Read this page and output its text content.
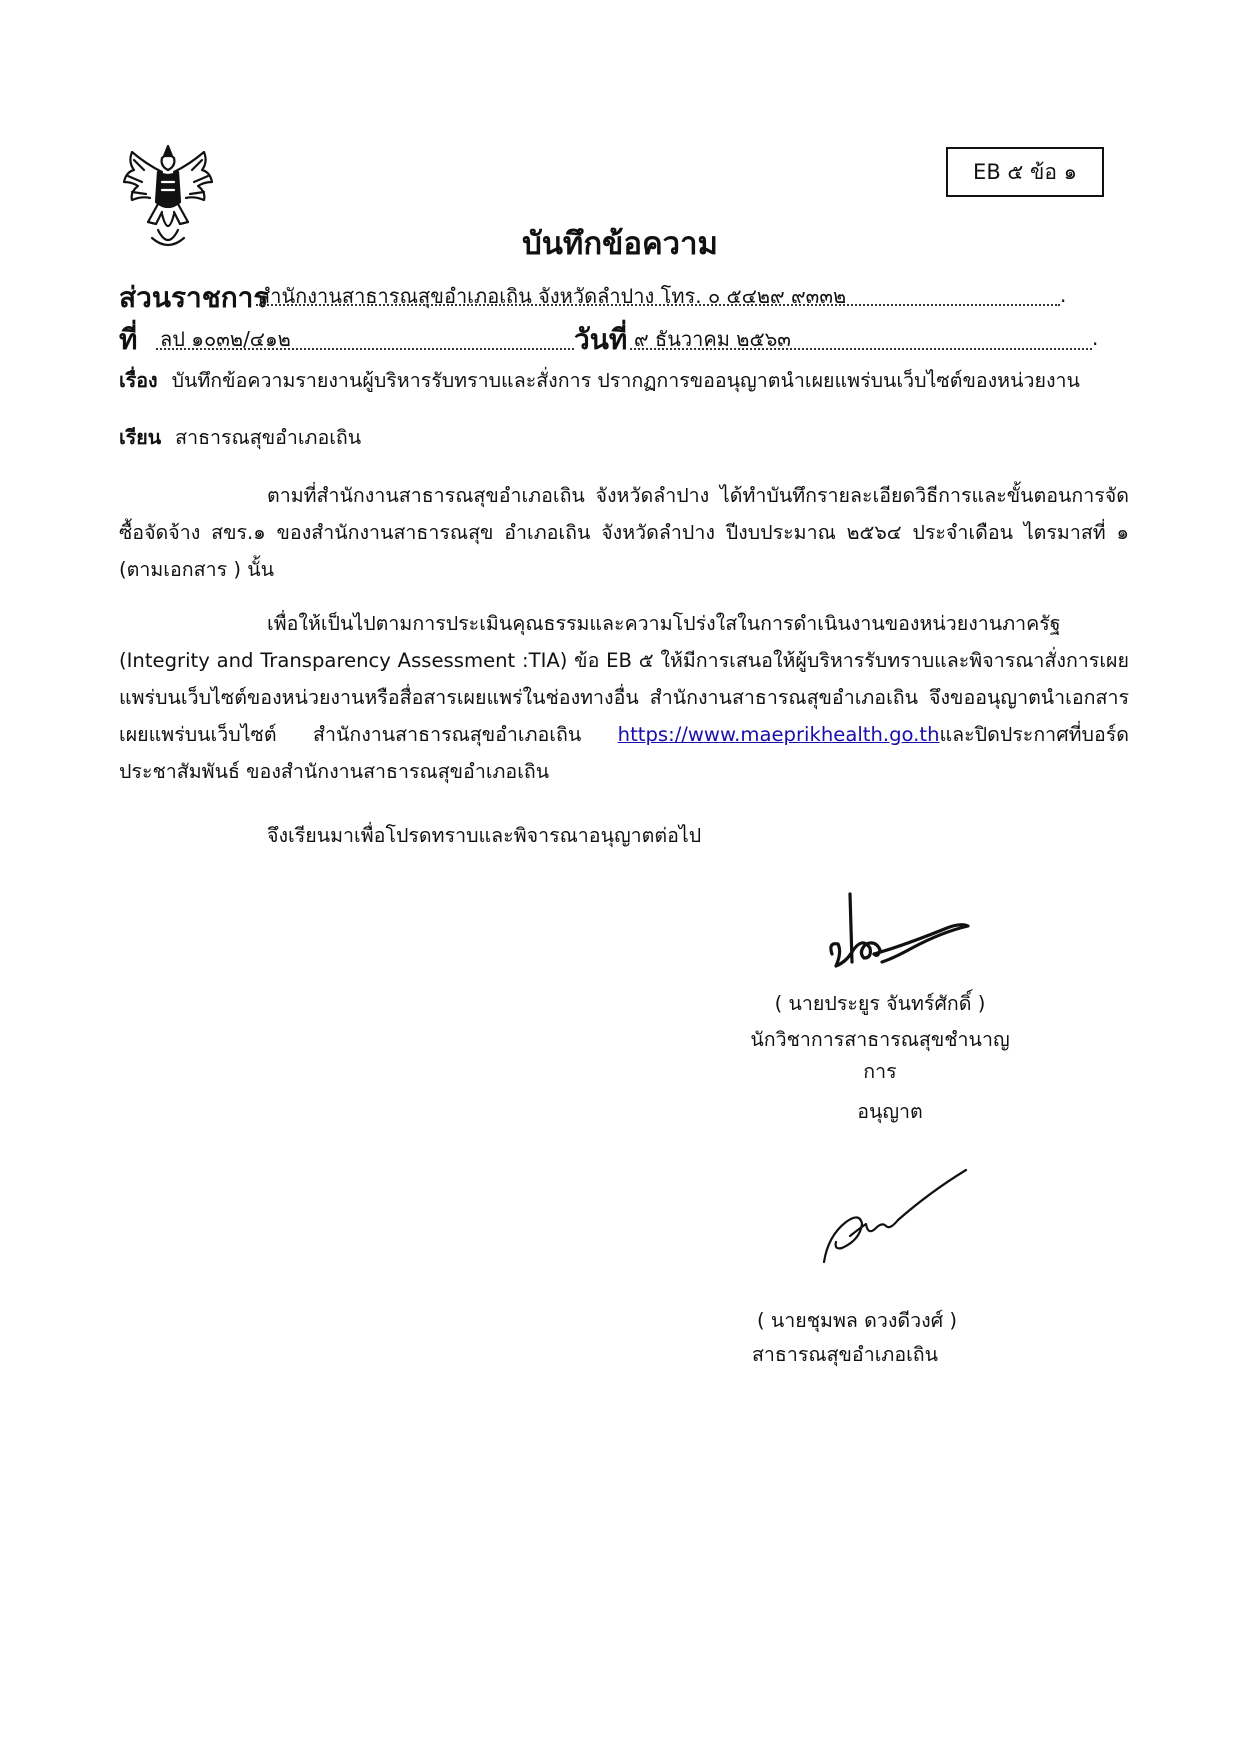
EB ๕ ข้อ ๑
บันทึกข้อความ
ส่วนราชการ
สำนักงานสาธารณสุขอำเภอเถิน จังหวัดลำปาง โทร. ๐ ๕๔๒๙ ๙๓๓๒	.
ที่ ลป ๑๐๓๒/๔๑๒	วันที่ ๙ ธันวาคม ๒๕๖๓	.
เรื่อง บันทึกข้อความรายงานผู้บริหารรับทราบและสั่งการ ปรากฏการขออนุญาตนำเผยแพร่บนเว็บไซต์ของหน่วยงาน
เรียน สาธารณสุขอำเภอเถิน
ตามที่สำนักงานสาธารณสุขอำเภอเถิน จังหวัดลำปาง ได้ทำบันทึกรายละเอียดวิธีการและขั้นตอนการจัดซื้อจัดจ้าง สขร.๑ ของสำนักงานสาธารณสุข อำเภอเถิน จังหวัดลำปาง ปีงบประมาณ ๒๕๖๔ ประจำเดือน ไตรมาสที่ ๑ (ตามเอกสาร ) นั้น
เพื่อให้เป็นไปตามการประเมินคุณธรรมและความโปร่งใสในการดำเนินงานของหน่วยงานภาครัฐ (Integrity and Transparency Assessment :TIA) ข้อ EB ๕ ให้มีการเสนอให้ผู้บริหารรับทราบและพิจารณาสั่งการเผยแพร่บนเว็บไซต์ของหน่วยงานหรือสื่อสารเผยแพร่ในช่องทางอื่น สำนักงานสาธารณสุขอำเภอเถิน จึงขออนุญาตนำเอกสารเผยแพร่บนเว็บไซต์ สำนักงานสาธารณสุขอำเภอเถิน https://www.maeprikhealth.go.thและปิดประกาศที่บอร์ดประชาสัมพันธ์ ของสำนักงานสาธารณสุขอำเภอเถิน
จึงเรียนมาเพื่อโปรดทราบและพิจารณาอนุญาตต่อไป
( นายประยูร จันทร์ศักดิ์ )
นักวิชาการสาธารณสุขชำนาญการ
อนุญาต
( นายชุมพล ดวงดีวงศ์ )
สาธารณสุขอำเภอเถิน
